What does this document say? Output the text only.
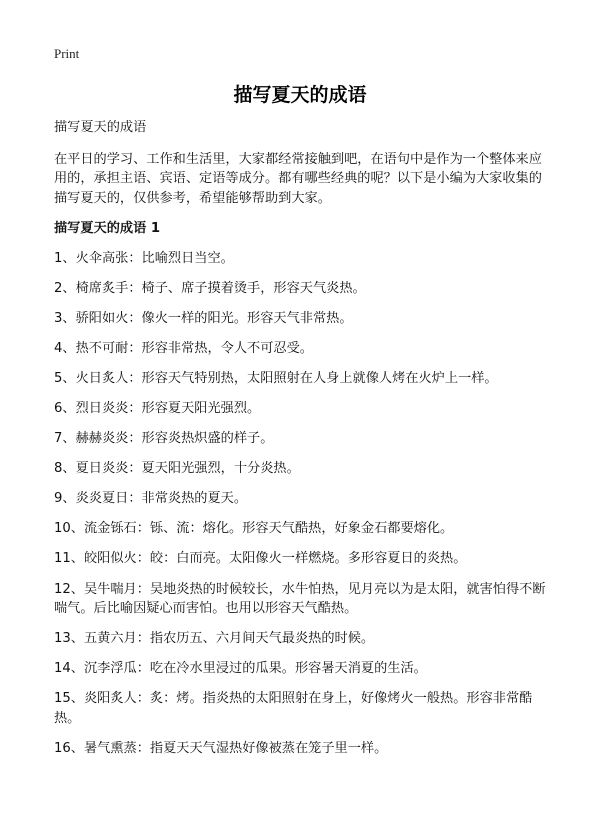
Print
描写夏天的成语
描写夏天的成语
在平日的学习、工作和生活里，大家都经常接触到吧，在语句中是作为一个整体来应用的，承担主语、宾语、定语等成分。都有哪些经典的呢？以下是小编为大家收集的描写夏天的，仅供参考，希望能够帮助到大家。
描写夏天的成语 1
1、火伞高张：比喻烈日当空。
2、椅席炙手：椅子、席子摸着烫手，形容天气炎热。
3、骄阳如火：像火一样的阳光。形容天气非常热。
4、热不可耐：形容非常热，令人不可忍受。
5、火日炙人：形容天气特别热，太阳照射在人身上就像人烤在火炉上一样。
6、烈日炎炎：形容夏天阳光强烈。
7、赫赫炎炎：形容炎热炽盛的样子。
8、夏日炎炎：夏天阳光强烈，十分炎热。
9、炎炎夏日：非常炎热的夏天。
10、流金铄石：铄、流：熔化。形容天气酷热，好象金石都要熔化。
11、皎阳似火：皎：白而亮。太阳像火一样燃烧。多形容夏日的炎热。
12、吴牛喘月：吴地炎热的时候较长，水牛怕热，见月亮以为是太阳，就害怕得不断喘气。后比喻因疑心而害怕。也用以形容天气酷热。
13、五黄六月：指农历五、六月间天气最炎热的时候。
14、沉李浮瓜：吃在冷水里浸过的瓜果。形容暑天消夏的生活。
15、炎阳炙人：炙：烤。指炎热的太阳照射在身上，好像烤火一般热。形容非常酷热。
16、暑气熏蒸：指夏天天气湿热好像被蒸在笼子里一样。
